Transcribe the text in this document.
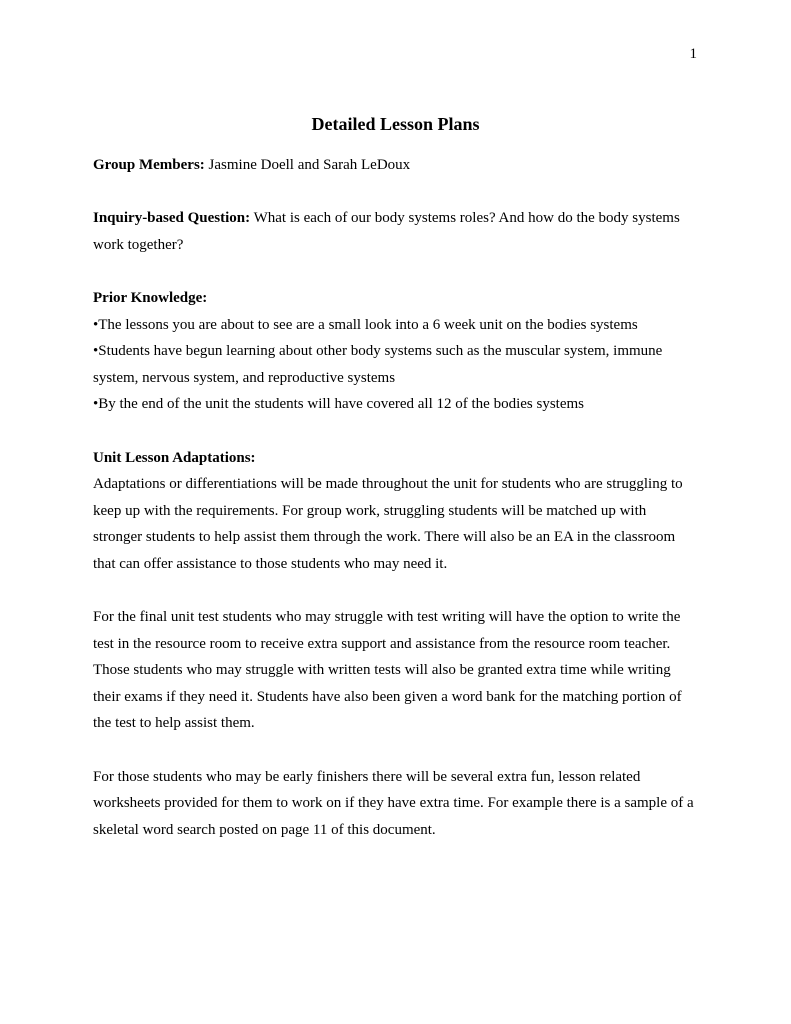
1
Detailed Lesson Plans

Group Members: Jasmine Doell and Sarah LeDoux

Inquiry-based Question: What is each of our body systems roles? And how do the body systems work together?

Prior Knowledge:

•The lessons you are about to see are a small look into a 6 week unit on the bodies systems

•Students have begun learning about other body systems such as the muscular system, immune system, nervous system, and reproductive systems

•By the end of the unit the students will have covered all 12 of the bodies systems

Unit Lesson Adaptations:

Adaptations or differentiations will be made throughout the unit for students who are struggling to keep up with the requirements. For group work, struggling students will be matched up with stronger students to help assist them through the work. There will also be an EA in the classroom that can offer assistance to those students who may need it.

For the final unit test students who may struggle with test writing will have the option to write the test in the resource room to receive extra support and assistance from the resource room teacher. Those students who may struggle with written tests will also be granted extra time while writing their exams if they need it. Students have also been given a word bank for the matching portion of the test to help assist them.

For those students who may be early finishers there will be several extra fun, lesson related worksheets provided for them to work on if they have extra time. For example there is a sample of a skeletal word search posted on page 11 of this document.
